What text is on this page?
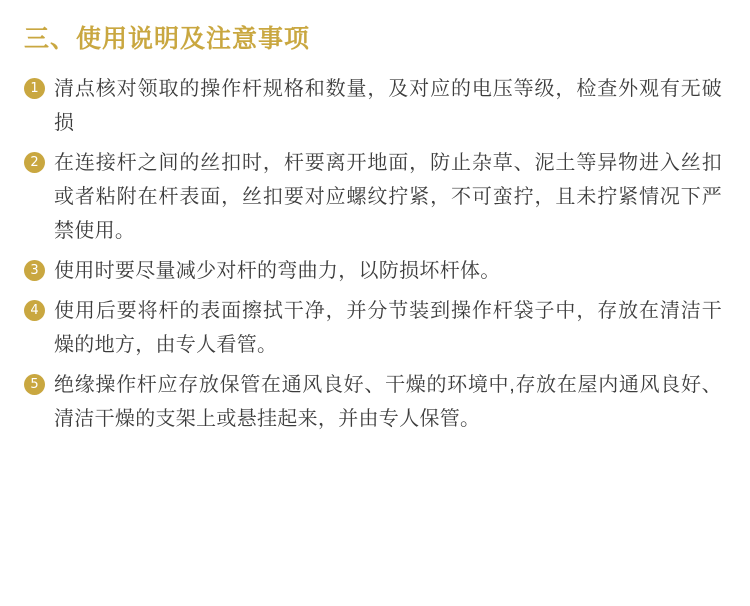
三、使用说明及注意事项
1 清点核对领取的操作杆规格和数量，及对应的电压等级，检查外观有无破损
2 在连接杆之间的丝扣时，杆要离开地面，防止杂草、泥土等异物进入丝扣或者粘附在杆表面，丝扣要对应螺纹拧紧，不可蛮拧，且未拧紧情况下严禁使用。
3 使用时要尽量减少对杆的弯曲力，以防损坏杆体。
4 使用后要将杆的表面擦拭干净，并分节装到操作杆袋子中，存放在清洁干燥的地方，由专人看管。
5 绝缘操作杆应存放保管在通风良好、干燥的环境中,存放在屋内通风良好、清洁干燥的支架上或悬挂起来，并由专人保管。
